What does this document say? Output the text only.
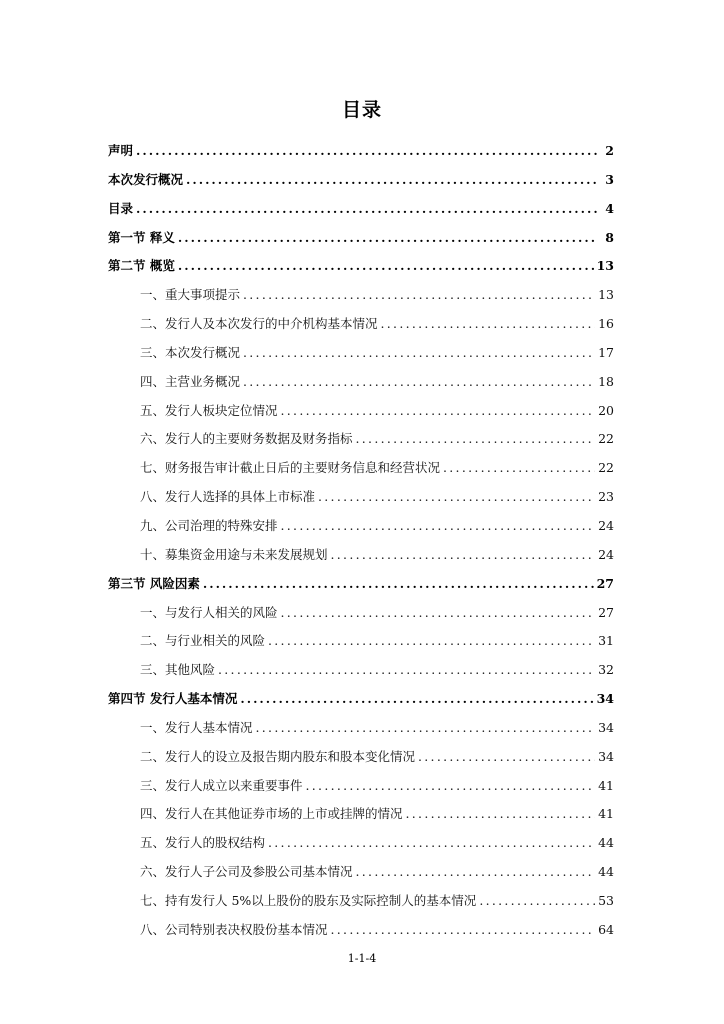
目录
声明 .....	2
本次发行概况 .....	3
目录 .....	4
第一节 释义 .....	8
第二节 概览 .....	13
一、重大事项提示 .....	13
二、发行人及本次发行的中介机构基本情况 .....	16
三、本次发行概况 .....	17
四、主营业务概况 .....	18
五、发行人板块定位情况 .....	20
六、发行人的主要财务数据及财务指标 .....	22
七、财务报告审计截止日后的主要财务信息和经营状况 .....	22
八、发行人选择的具体上市标准 .....	23
九、公司治理的特殊安排 .....	24
十、募集资金用途与未来发展规划 .....	24
第三节 风险因素 .....	27
一、与发行人相关的风险 .....	27
二、与行业相关的风险 .....	31
三、其他风险 .....	32
第四节 发行人基本情况 .....	34
一、发行人基本情况 .....	34
二、发行人的设立及报告期内股东和股本变化情况 .....	34
三、发行人成立以来重要事件 .....	41
四、发行人在其他证券市场的上市或挂牌的情况 .....	41
五、发行人的股权结构 .....	44
六、发行人子公司及参股公司基本情况 .....	44
七、持有发行人 5%以上股份的股东及实际控制人的基本情况 .....	53
八、公司特别表决权股份基本情况 .....	64
1-1-4
